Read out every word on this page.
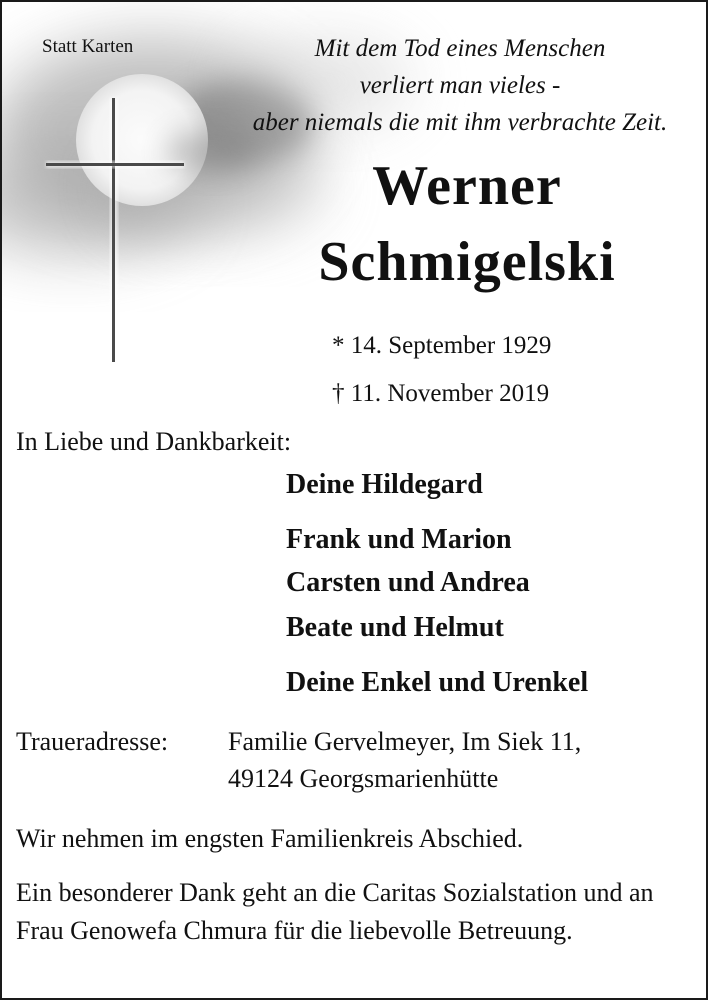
Statt Karten	Mit dem Tod eines Menschen
verliert man vieles -
aber niemals die mit ihm verbrachte Zeit.
Werner
Schmigelski
* 14. September 1929
† 11. November 2019
In Liebe und Dankbarkeit:
Deine Hildegard
Frank und Marion
Carsten und Andrea
Beate und Helmut
Deine Enkel und Urenkel
Traueradresse: Familie Gervelmeyer, Im Siek 11,
49124 Georgsmarienhütte
Wir nehmen im engsten Familienkreis Abschied.
Ein besonderer Dank geht an die Caritas Sozialstation und an Frau Genowefa Chmura für die liebevolle Betreuung.
